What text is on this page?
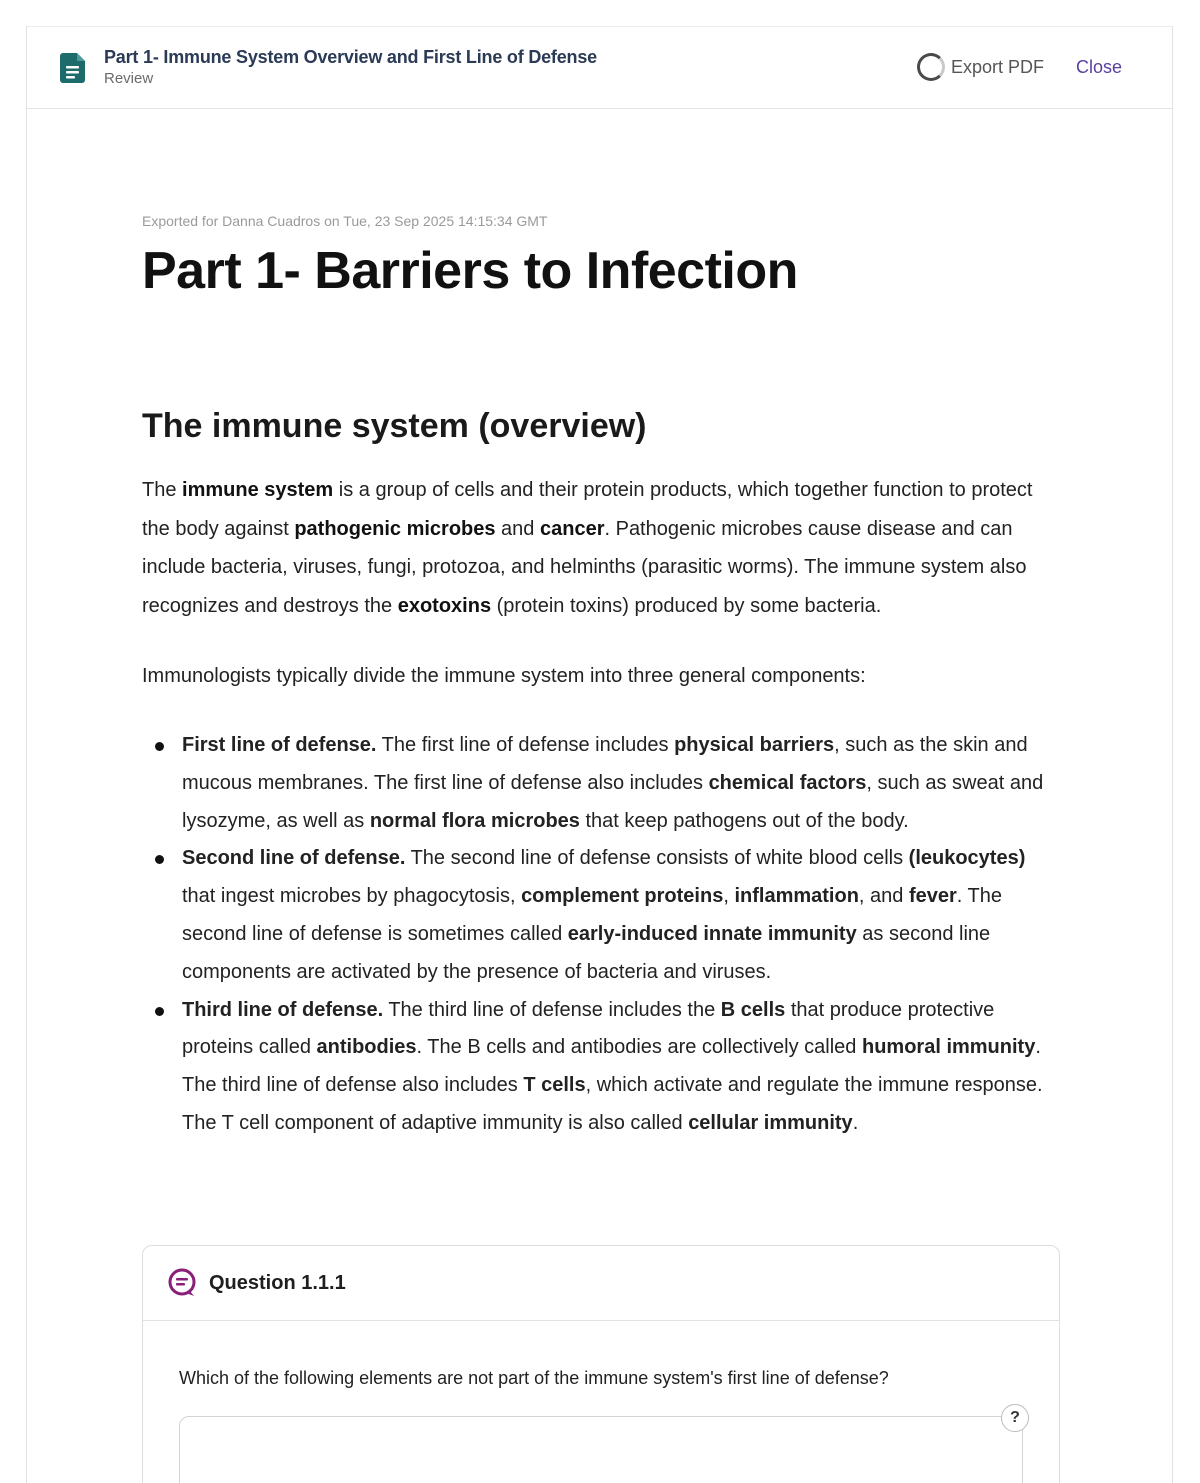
Part 1- Immune System Overview and First Line of Defense
Review
Export PDF Close
Exported for Danna Cuadros on Tue, 23 Sep 2025 14:15:34 GMT
Part 1- Barriers to Infection
The immune system (overview)

The immune system is a group of cells and their protein products, which together function to protect the body against pathogenic microbes and cancer. Pathogenic microbes cause disease and can include bacteria, viruses, fungi, protozoa, and helminths (parasitic worms). The immune system also recognizes and destroys the exotoxins (protein toxins) produced by some bacteria.

Immunologists typically divide the immune system into three general components:

First line of defense. The first line of defense includes physical barriers, such as the skin and mucous membranes. The first line of defense also includes chemical factors, such as sweat and lysozyme, as well as normal flora microbes that keep pathogens out of the body.
Second line of defense. The second line of defense consists of white blood cells (leukocytes) that ingest microbes by phagocytosis, complement proteins, inflammation, and fever. The second line of defense is sometimes called early-induced innate immunity as second line components are activated by the presence of bacteria and viruses.
Third line of defense. The third line of defense includes the B cells that produce protective proteins called antibodies. The B cells and antibodies are collectively called humoral immunity. The third line of defense also includes T cells, which activate and regulate the immune response. The T cell component of adaptive immunity is also called cellular immunity.
Question 1.1.1
Which of the following elements are not part of the immune system's first line of defense?
?
